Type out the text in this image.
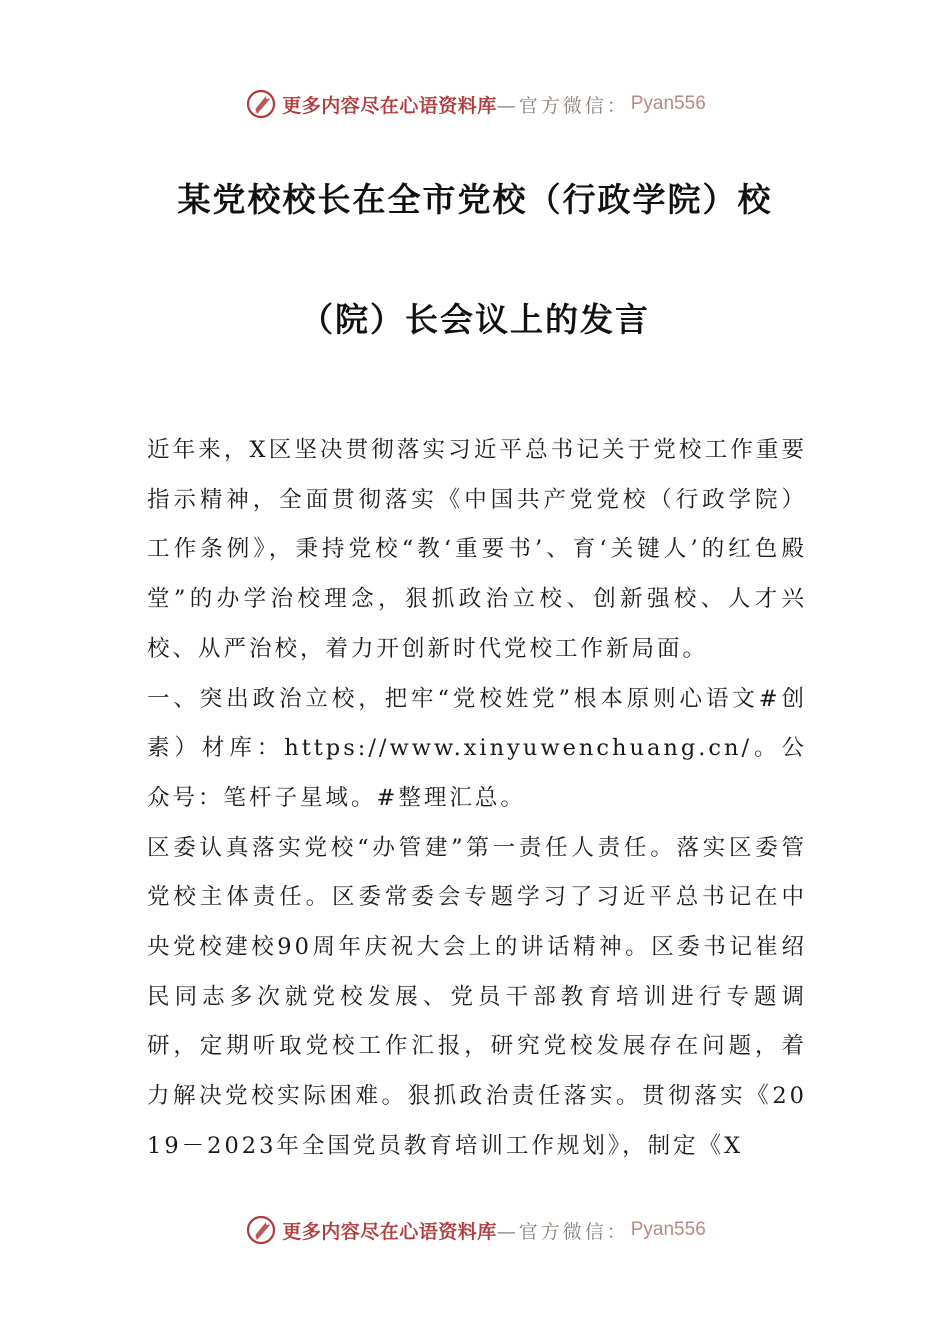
更多内容尽在心语资料库 —官方微信： Pyan556
某党校校长在全市党校（行政学院）校
（院）长会议上的发言

近年来，X区坚决贯彻落实习近平总书记关于党校工作重要指示精神，全面贯彻落实《中国共产党党校（行政学院）工作条例》，秉持党校“教‘重要书’、育‘关键人’的红色殿堂”的办学治校理念，狠抓政治立校、创新强校、人才兴校、从严治校，着力开创新时代党校工作新局面。

一、突出政治立校，把牢“党校姓党”根本原则心语文#创素）材库：https://www.xinyuwenchuang.cn/。公众号：笔杆子星域。#整理汇总。

区委认真落实党校“办管建”第一责任人责任。落实区委管党校主体责任。区委常委会专题学习了习近平总书记在中央党校建校90周年庆祝大会上的讲话精神。区委书记崔绍民同志多次就党校发展、党员干部教育培训进行专题调研，定期听取党校工作汇报，研究党校发展存在问题，着力解决党校实际困难。狠抓政治责任落实。贯彻落实《2019－2023年全国党员教育培训工作规划》，制定《X

更多内容尽在心语资料库 —官方微信： Pyan556
